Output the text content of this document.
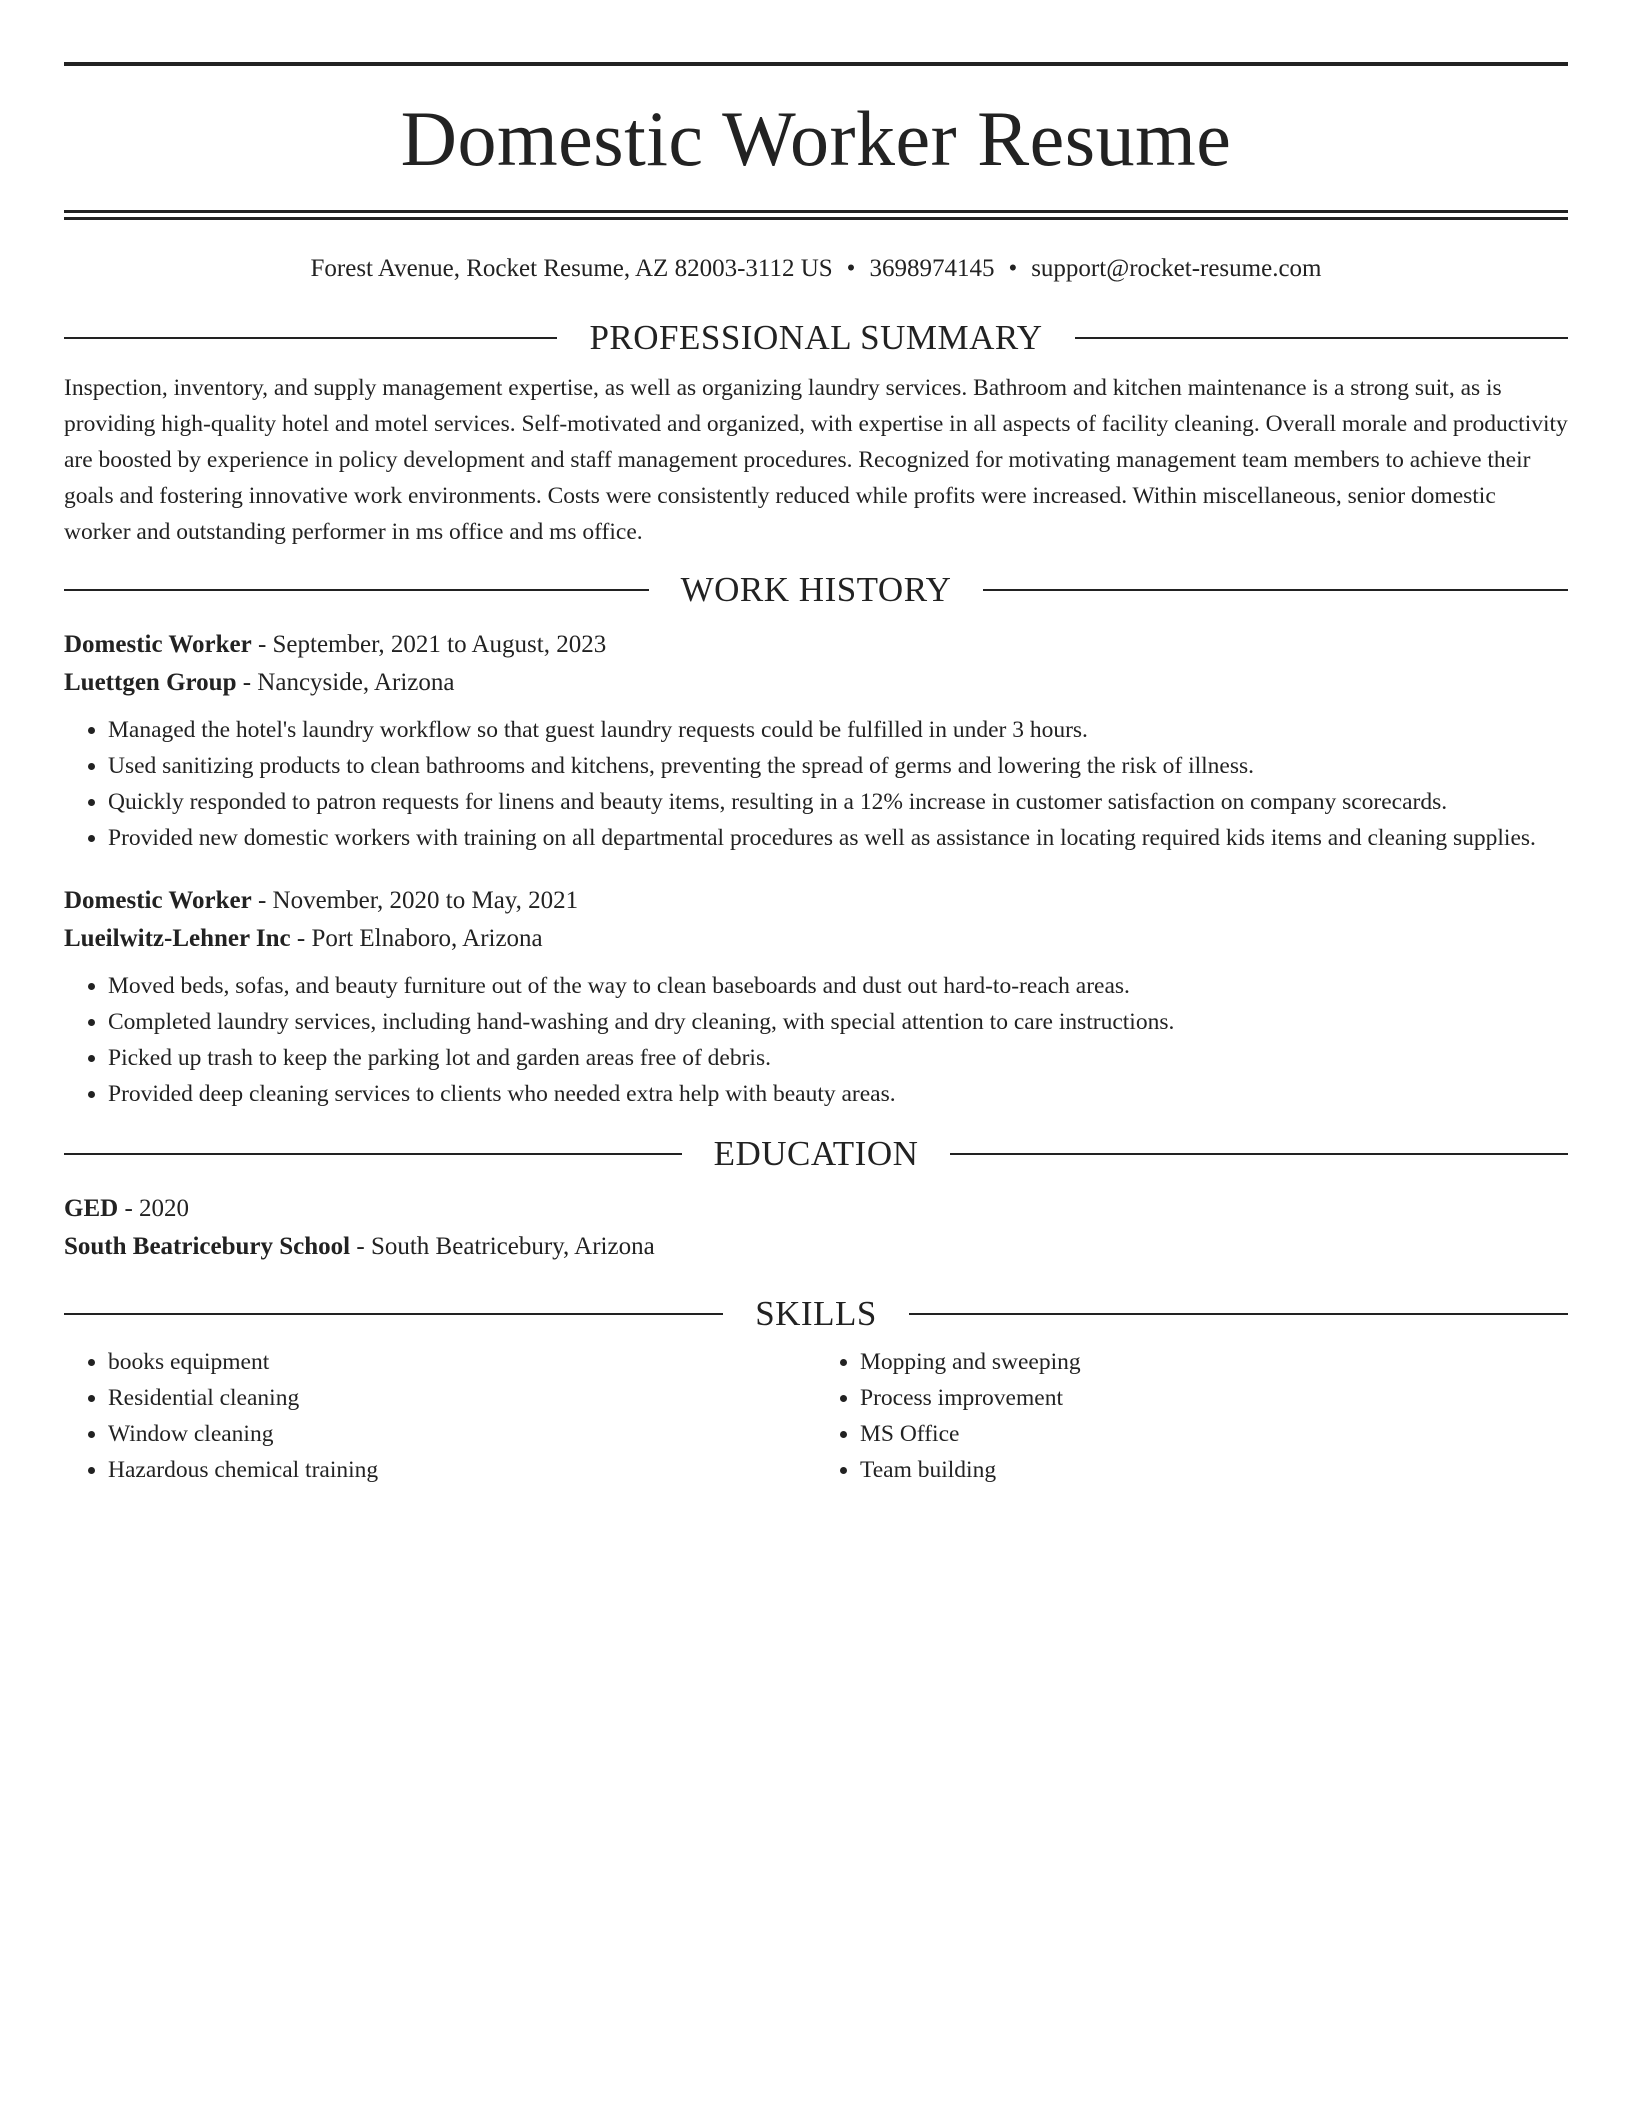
Domestic Worker Resume
Forest Avenue, Rocket Resume, AZ 82003-3112 US • 3698974145 • support@rocket-resume.com
PROFESSIONAL SUMMARY

Inspection, inventory, and supply management expertise, as well as organizing laundry services. Bathroom and kitchen maintenance is a strong suit, as is providing high-quality hotel and motel services. Self-motivated and organized, with expertise in all aspects of facility cleaning. Overall morale and productivity are boosted by experience in policy development and staff management procedures. Recognized for motivating management team members to achieve their goals and fostering innovative work environments. Costs were consistently reduced while profits were increased. Within miscellaneous, senior domestic worker and outstanding performer in ms office and ms office.

WORK HISTORY
Domestic Worker - September, 2021 to August, 2023
Luettgen Group - Nancyside, Arizona
• Managed the hotel's laundry workflow so that guest laundry requests could be fulfilled in under 3 hours.
• Used sanitizing products to clean bathrooms and kitchens, preventing the spread of germs and lowering the risk of illness.
• Quickly responded to patron requests for linens and beauty items, resulting in a 12% increase in customer satisfaction on company scorecards.
• Provided new domestic workers with training on all departmental procedures as well as assistance in locating required kids items and cleaning supplies.
Domestic Worker - November, 2020 to May, 2021
Lueilwitz-Lehner Inc - Port Elnaboro, Arizona
• Moved beds, sofas, and beauty furniture out of the way to clean baseboards and dust out hard-to-reach areas.
• Completed laundry services, including hand-washing and dry cleaning, with special attention to care instructions.
• Picked up trash to keep the parking lot and garden areas free of debris.
• Provided deep cleaning services to clients who needed extra help with beauty areas.
EDUCATION
GED - 2020
South Beatricebury School - South Beatricebury, Arizona
SKILLS
• books equipment
• Residential cleaning
• Window cleaning
• Hazardous chemical training
• Mopping and sweeping
• Process improvement
• MS Office
• Team building
